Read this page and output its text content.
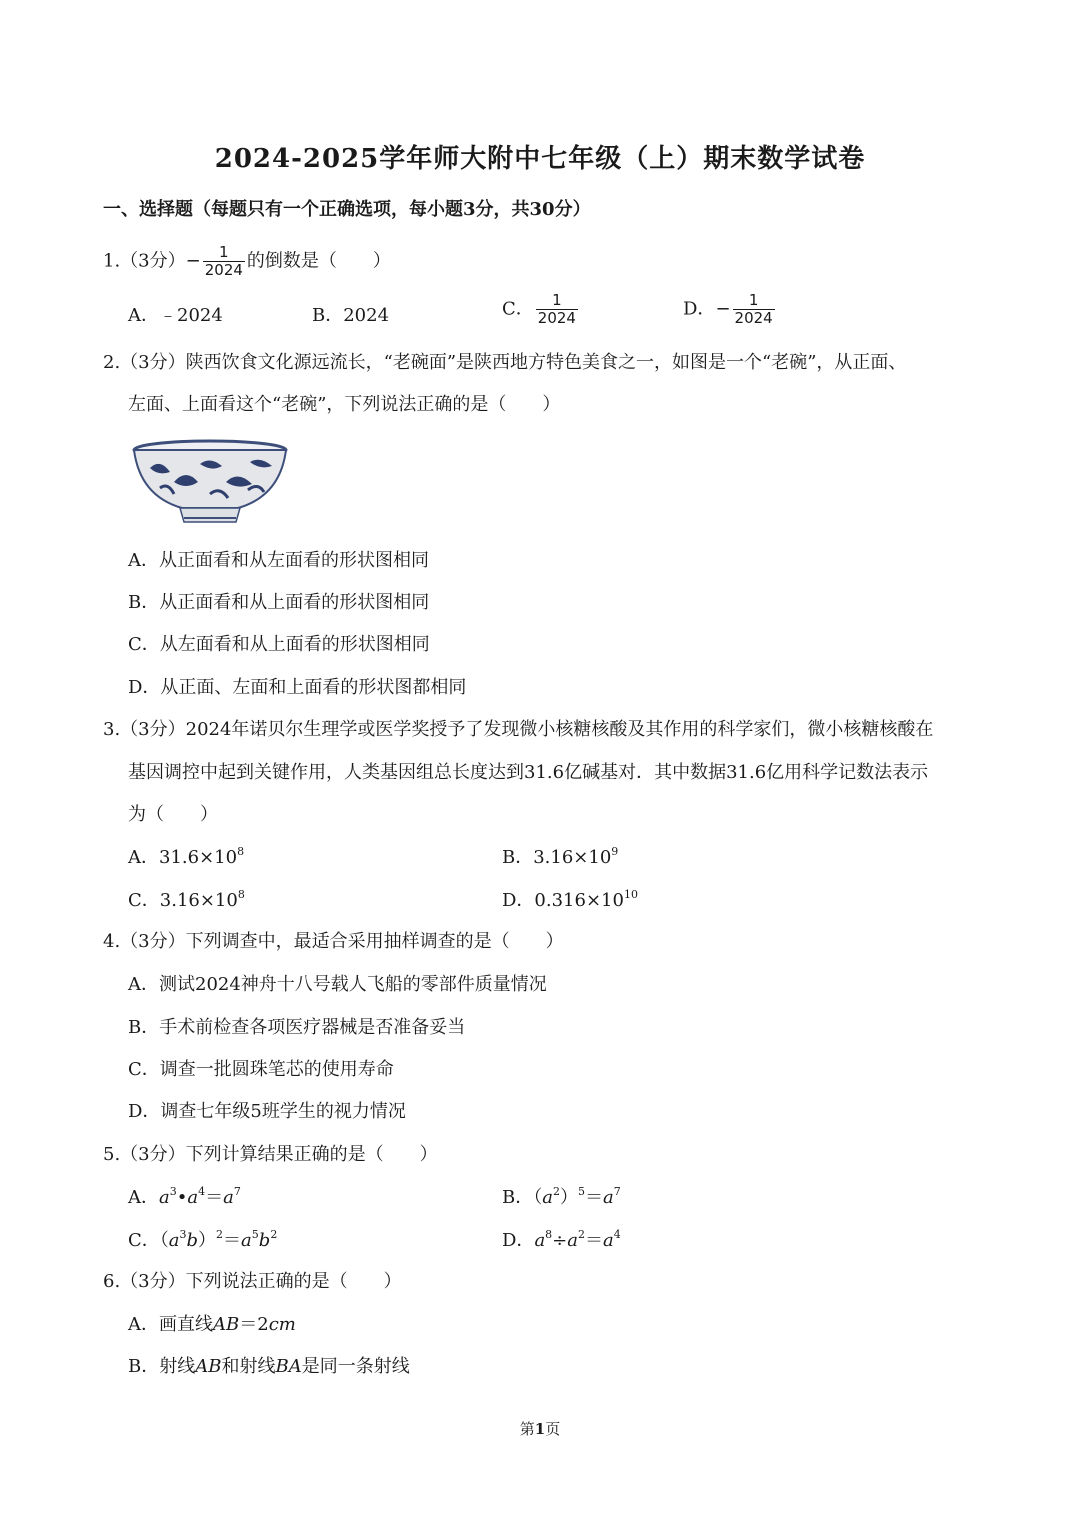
2024-2025学年师大附中七年级（上）期末数学试卷
一、选择题（每题只有一个正确选项，每小题3分，共30分）
1.（3分）− $\frac{1}{2024}$ 的倒数是（　　）
A．﹣2024	B．2024	C． $\frac{1}{2024}$	D．− $\frac{1}{2024}$
2.（3分）陕西饮食文化源远流长，“老碗面”是陕西地方特色美食之一，如图是一个“老碗”，从正面、
左面、上面看这个“老碗”，下列说法正确的是（　　）
A．从正面看和从左面看的形状图相同
B．从正面看和从上面看的形状图相同
C．从左面看和从上面看的形状图相同
D．从正面、左面和上面看的形状图都相同
3.（3分）2024年诺贝尔生理学或医学奖授予了发现微小核糖核酸及其作用的科学家们，微小核糖核酸在
基因调控中起到关键作用，人类基因组总长度达到31.6亿碱基对．其中数据31.6亿用科学记数法表示
为（　　）
A．$31.6\times 10^8$	B．$3.16\times 10^9$
C．$3.16\times 10^8$	D．$0.316\times 10^{10}$
4.（3分）下列调查中，最适合采用抽样调查的是（　　）
A．测试2024神舟十八号载人飞船的零部件质量情况
B．手术前检查各项医疗器械是否准备妥当
C．调查一批圆珠笔芯的使用寿命
D．调查七年级5班学生的视力情况
5.（3分）下列计算结果正确的是（　　）
A．$a^3•a^4=a^7$	B．$(a^2)^5=a^7$
C．$(a^3b)^2=a^5b^2$	D．$a^8\div a^2=a^4$
6.（3分）下列说法正确的是（　　）
A．画直线AB＝2cm
B．射线AB和射线BA是同一条射线
第1页
